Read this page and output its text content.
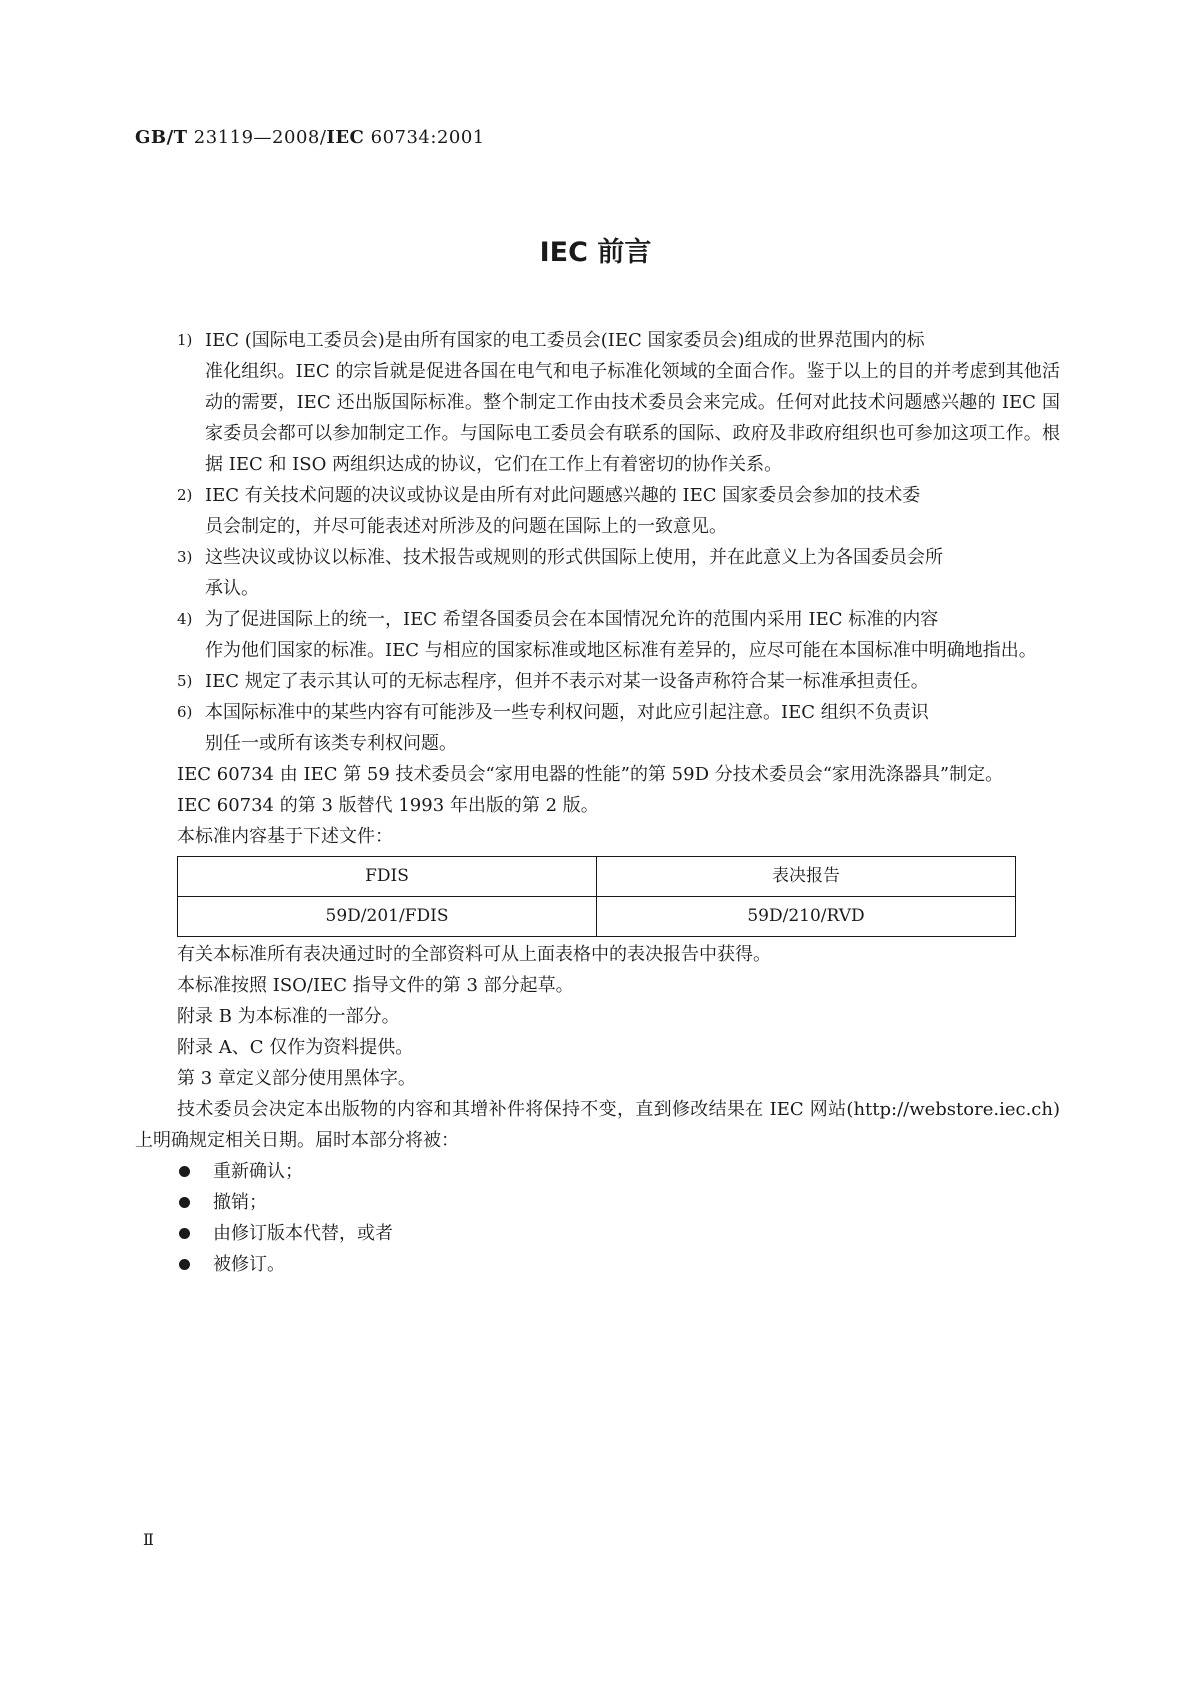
GB/T 23119—2008/IEC 60734:2001
IEC 前言
1) IEC (国际电工委员会)是由所有国家的电工委员会(IEC 国家委员会)组成的世界范围内的标
准化组织。IEC 的宗旨就是促进各国在电气和电子标准化领域的全面合作。鉴于以上的目的并考虑到其他活动的需要，IEC 还出版国际标准。整个制定工作由技术委员会来完成。任何对此技术问题感兴趣的 IEC 国家委员会都可以参加制定工作。与国际电工委员会有联系的国际、政府及非政府组织也可参加这项工作。根据 IEC 和 ISO 两组织达成的协议，它们在工作上有着密切的协作关系。
2) IEC 有关技术问题的决议或协议是由所有对此问题感兴趣的 IEC 国家委员会参加的技术委
员会制定的，并尽可能表述对所涉及的问题在国际上的一致意见。
3) 这些决议或协议以标准、技术报告或规则的形式供国际上使用，并在此意义上为各国委员会所
承认。
4) 为了促进国际上的统一，IEC 希望各国委员会在本国情况允许的范围内采用 IEC 标准的内容
作为他们国家的标准。IEC 与相应的国家标准或地区标准有差异的，应尽可能在本国标准中明确地指出。
5) IEC 规定了表示其认可的无标志程序，但并不表示对某一设备声称符合某一标准承担责任。
6) 本国际标准中的某些内容有可能涉及一些专利权问题，对此应引起注意。IEC 组织不负责识
别任一或所有该类专利权问题。
IEC 60734 由 IEC 第 59 技术委员会“家用电器的性能”的第 59D 分技术委员会“家用洗涤器具”制定。
IEC 60734 的第 3 版替代 1993 年出版的第 2 版。
本标准内容基于下述文件：
FDIS	表决报告
59D/201/FDIS	59D/210/RVD
有关本标准所有表决通过时的全部资料可从上面表格中的表决报告中获得。
本标准按照 ISO/IEC 指导文件的第 3 部分起草。
附录 B 为本标准的一部分。
附录 A、C 仅作为资料提供。
第 3 章定义部分使用黑体字。
技术委员会决定本出版物的内容和其增补件将保持不变，直到修改结果在 IEC 网站(http://webstore.iec.ch)上明确规定相关日期。届时本部分将被：
重新确认；
撤销；
由修订版本代替，或者
被修订。
Ⅱ
